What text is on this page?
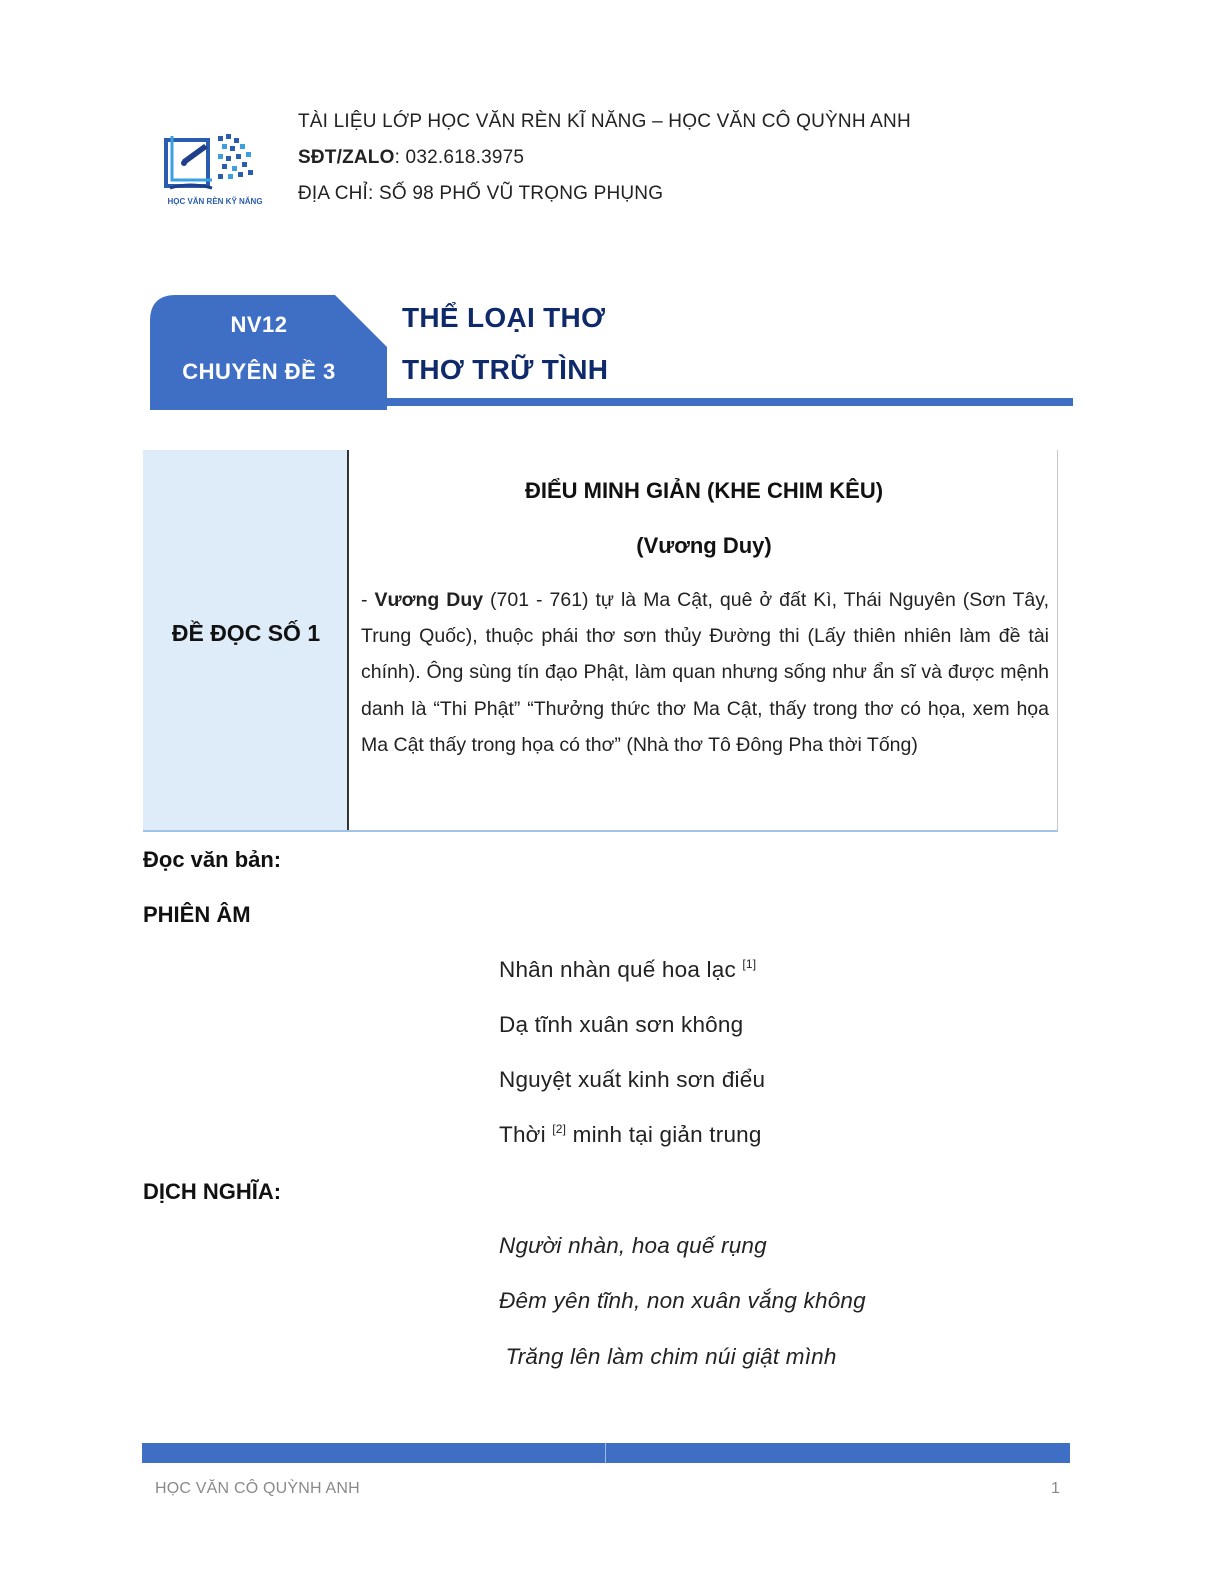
HỌC VĂN RÈN KỸ NĂNG
TÀI LIỆU LỚP HỌC VĂN RÈN KĨ NĂNG – HỌC VĂN CÔ QUỲNH ANH
SĐT/ZALO: 032.618.3975
ĐỊA CHỈ: SỐ 98 PHỐ VŨ TRỌNG PHỤNG
NV12
CHUYÊN ĐỀ 3
THỂ LOẠI THƠ
THƠ TRỮ TÌNH
ĐỀ ĐỌC SỐ 1
ĐIỂU MINH GIẢN (KHE CHIM KÊU)
(Vương Duy)
- Vương Duy (701 - 761) tự là Ma Cật, quê ở đất Kì, Thái Nguyên (Sơn Tây, Trung Quốc), thuộc phái thơ sơn thủy Đường thi (Lấy thiên nhiên làm đề tài chính). Ông sùng tín đạo Phật, làm quan nhưng sống như ẩn sĩ và được mệnh danh là “Thi Phật” “Thưởng thức thơ Ma Cật, thấy trong thơ có họa, xem họa Ma Cật thấy trong họa có thơ” (Nhà thơ Tô Đông Pha thời Tống)
Đọc văn bản:
PHIÊN ÂM
Nhân nhàn quế hoa lạc [1]
Dạ tĩnh xuân sơn không
Nguyệt xuất kinh sơn điểu
Thời [2] minh tại giản trung
DỊCH NGHĨA:
Người nhàn, hoa quế rụng
Đêm yên tĩnh, non xuân vắng không
Trăng lên làm chim núi giật mình
HỌC VĂN CÔ QUỲNH ANH	1
